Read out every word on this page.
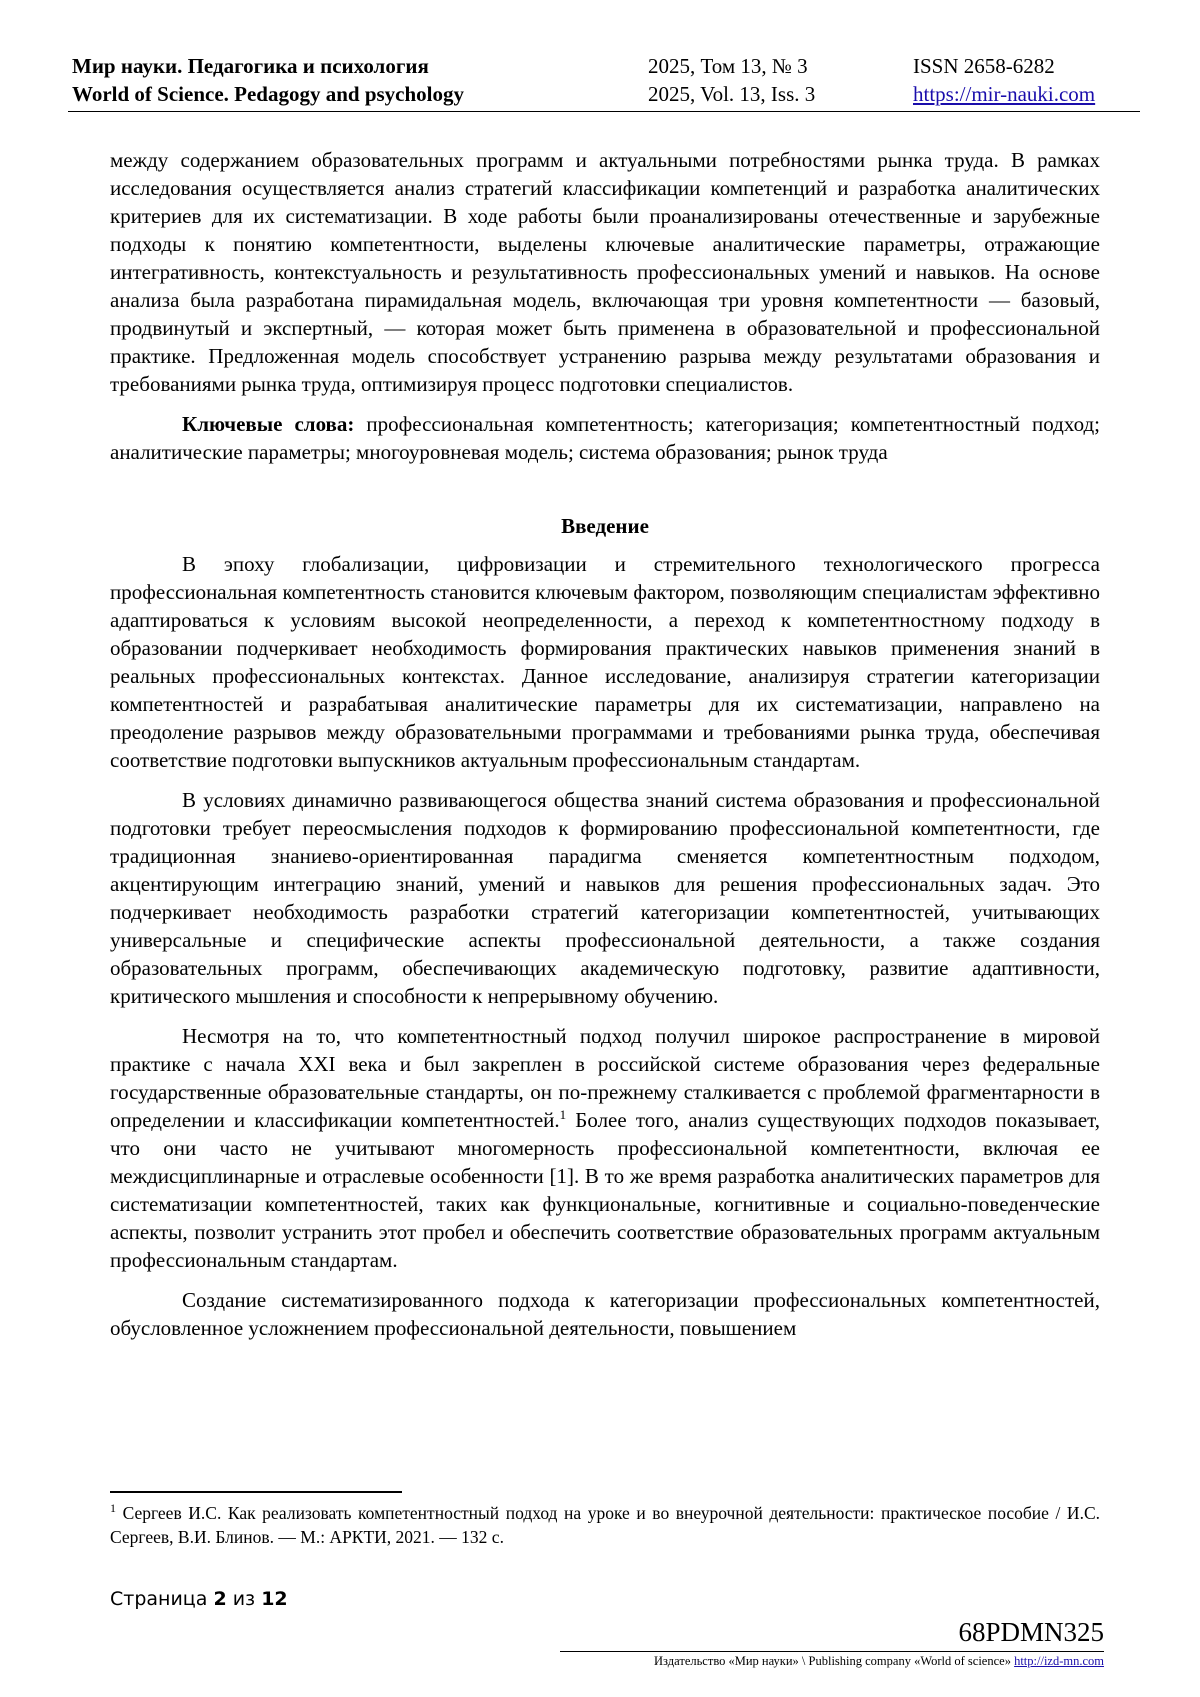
Мир науки. Педагогика и психология
World of Science. Pedagogy and psychology
2025, Том 13, № 3
2025, Vol. 13, Iss. 3
ISSN 2658-6282
https://mir-nauki.com

между содержанием образовательных программ и актуальными потребностями рынка труда. В рамках исследования осуществляется анализ стратегий классификации компетенций и разработка аналитических критериев для их систематизации. В ходе работы были проанализированы отечественные и зарубежные подходы к понятию компетентности, выделены ключевые аналитические параметры, отражающие интегративность, контекстуальность и результативность профессиональных умений и навыков. На основе анализа была разработана пирамидальная модель, включающая три уровня компетентности — базовый, продвинутый и экспертный, — которая может быть применена в образовательной и профессиональной практике. Предложенная модель способствует устранению разрыва между результатами образования и требованиями рынка труда, оптимизируя процесс подготовки специалистов.

Ключевые слова: профессиональная компетентность; категоризация; компетентностный подход; аналитические параметры; многоуровневая модель; система образования; рынок труда

Введение

В эпоху глобализации, цифровизации и стремительного технологического прогресса профессиональная компетентность становится ключевым фактором, позволяющим специалистам эффективно адаптироваться к условиям высокой неопределенности, а переход к компетентностному подходу в образовании подчеркивает необходимость формирования практических навыков применения знаний в реальных профессиональных контекстах. Данное исследование, анализируя стратегии категоризации компетентностей и разрабатывая аналитические параметры для их систематизации, направлено на преодоление разрывов между образовательными программами и требованиями рынка труда, обеспечивая соответствие подготовки выпускников актуальным профессиональным стандартам.

В условиях динамично развивающегося общества знаний система образования и профессиональной подготовки требует переосмысления подходов к формированию профессиональной компетентности, где традиционная знаниево-ориентированная парадигма сменяется компетентностным подходом, акцентирующим интеграцию знаний, умений и навыков для решения профессиональных задач. Это подчеркивает необходимость разработки стратегий категоризации компетентностей, учитывающих универсальные и специфические аспекты профессиональной деятельности, а также создания образовательных программ, обеспечивающих академическую подготовку, развитие адаптивности, критического мышления и способности к непрерывному обучению.

Несмотря на то, что компетентностный подход получил широкое распространение в мировой практике с начала XXI века и был закреплен в российской системе образования через федеральные государственные образовательные стандарты, он по-прежнему сталкивается с проблемой фрагментарности в определении и классификации компетентностей.$^1$ Более того, анализ существующих подходов показывает, что они часто не учитывают многомерность профессиональной компетентности, включая ее междисциплинарные и отраслевые особенности [1]. В то же время разработка аналитических параметров для систематизации компетентностей, таких как функциональные, когнитивные и социально-поведенческие аспекты, позволит устранить этот пробел и обеспечить соответствие образовательных программ актуальным профессиональным стандартам.

Создание систематизированного подхода к категоризации профессиональных компетентностей, обусловленное усложнением профессиональной деятельности, повышением

$^1$ Сергеев И.С. Как реализовать компетентностный подход на уроке и во внеурочной деятельности: практическое пособие / И.С. Сергеев, В.И. Блинов. — М.: АРКТИ, 2021. — 132 с.
Страница 2 из 12
68PDMN325
Издательство «Мир науки» \ Publishing company «World of science» http://izd-mn.com
